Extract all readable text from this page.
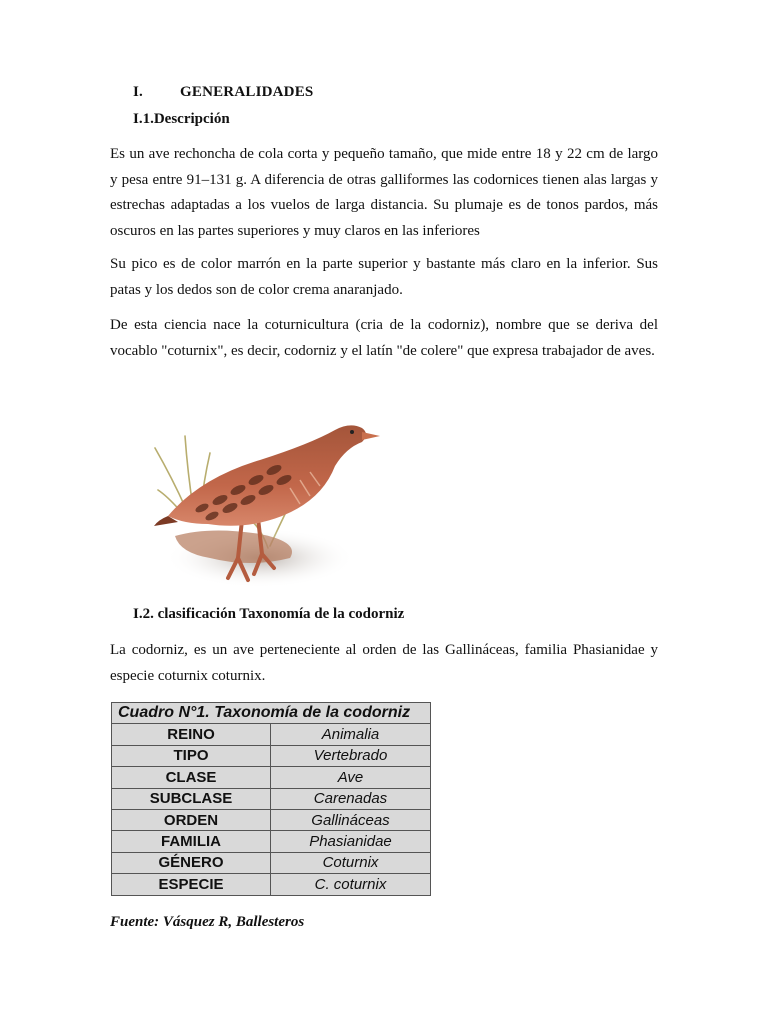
I. GENERALIDADES
I.1.Descripción

Es un ave rechoncha de cola corta y pequeño tamaño, que mide entre 18 y 22 cm de largo y pesa entre 91–131 g. A diferencia de otras galliformes las codornices tienen alas largas y estrechas adaptadas a los vuelos de larga distancia. Su plumaje es de tonos pardos, más oscuros en las partes superiores y muy claros en las inferiores

Su pico es de color marrón en la parte superior y bastante más claro en la inferior. Sus patas y los dedos son de color crema anaranjado.

De esta ciencia nace la coturnicultura (cria de la codorniz), nombre que se deriva del vocablo "coturnix", es decir, codorniz y el latín "de colere" que expresa trabajador de aves.

I.2. clasificación Taxonomía de la codorniz

La codorniz, es un ave perteneciente al orden de las Gallináceas, familia Phasianidae y especie coturnix coturnix.

Cuadro N°1. Taxonomía de la codorniz	
REINO	Animalia
TIPO	Vertebrado
CLASE	Ave
SUBCLASE	Carenadas
ORDEN	Gallináceas
FAMILIA	Phasianidae
GÉNERO	Coturnix
ESPECIE	C. coturnix
Fuente: Vásquez R, Ballesteros
